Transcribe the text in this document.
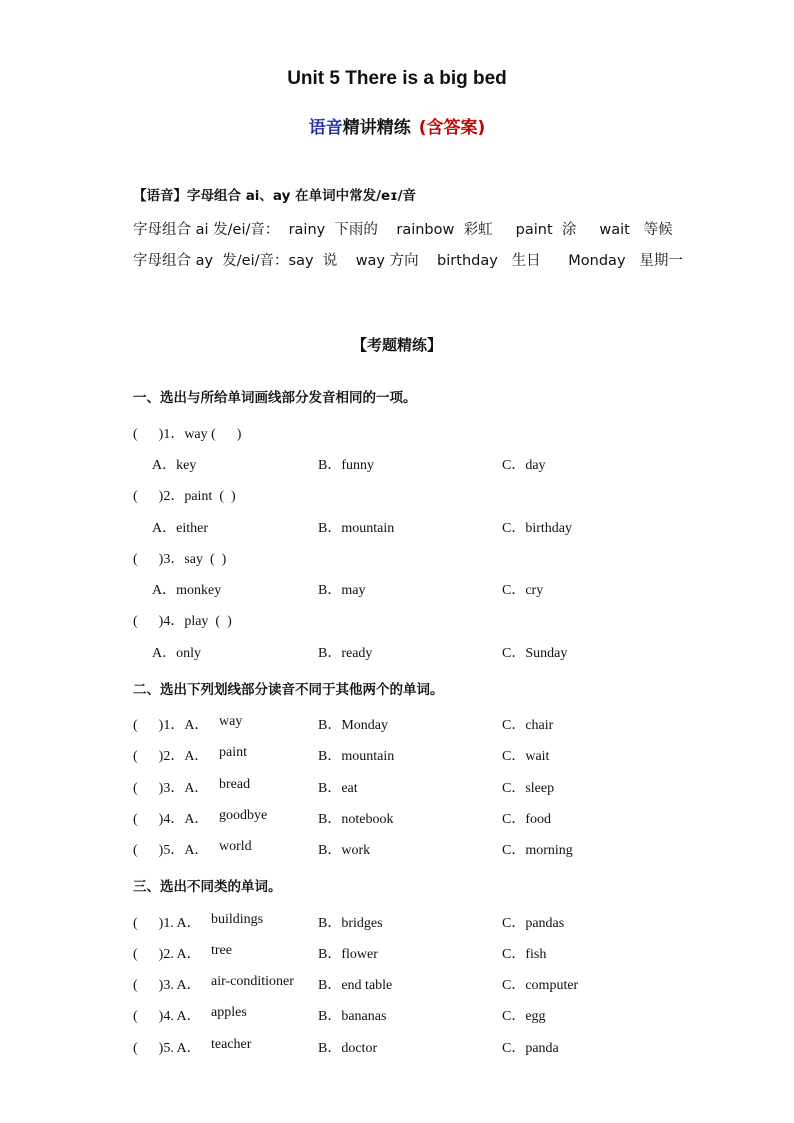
Unit 5 There is a big bed
语音精讲精练 (含答案)
【语音】字母组合 ai、ay 在单词中常发/eɪ/音
字母组合 ai 发/ei/音：  rainy  下雨的    rainbow  彩虹     paint  涂     wait   等候
字母组合 ay  发/ei/音：say  说    way 方向    birthday   生日      Monday   星期一
【考题精练】
一、选出与所给单词画线部分发音相同的一项。
(      )1．way (      )
A．key	B．funny	C．day
(      )2．paint  (  )
A．either	B．mountain	C．birthday
(      )3．say  (  )
A．monkey	B．may	C．cry
(      )4．play  (  )
A．only	B．ready	C．Sunday
二、选出下列划线部分读音不同于其他两个的单词。
(      )1．A． way	B．Monday	C．chair
(      )2．A． paint	B．mountain	C．wait
(      )3．A． bread	B．eat	C．sleep
(      )4．A． goodbye	B．notebook	C．food
(      )5．A． world	B．work	C．morning
三、选出不同类的单词。
(      )1. A． buildings	B．bridges	C．pandas
(      )2. A． tree	B．flower	C．fish
(      )3. A． air-conditioner B．end table	C．computer
(      )4. A． apples	B．bananas	C．egg
(      )5. A． teacher	B．doctor	C．panda
